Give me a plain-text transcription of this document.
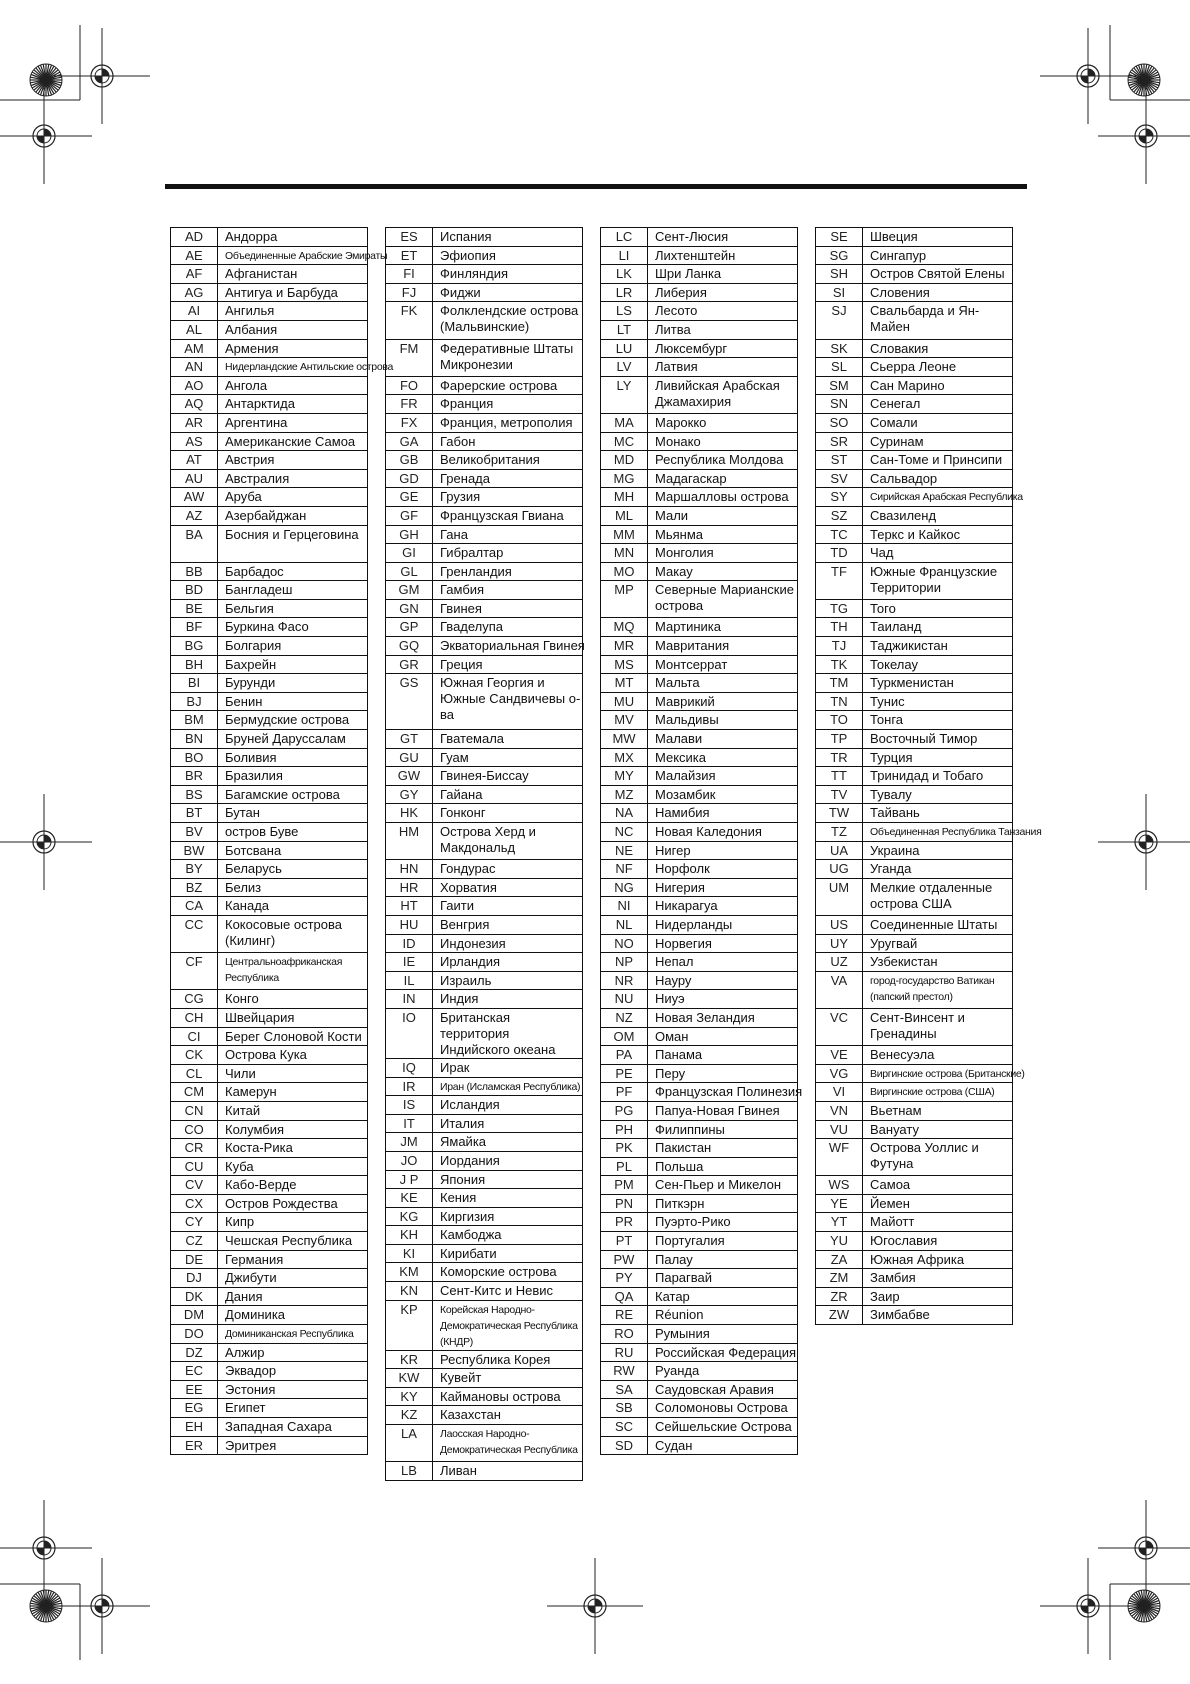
AD	Андорра
AE	Объединенные Арабские Эмираты
AF	Афганистан
AG	Антигуа и Барбуда
AI	Ангилья
AL	Албания
AM	Армения
AN	Нидерландские Антильские острова
AO	Ангола
AQ	Антарктида
AR	Аргентина
AS	Американские Самоа
AT	Австрия
AU	Австралия
AW	Аруба
AZ	Азербайджан
BA	Босния и Герцеговина
BB	Барбадос
BD	Бангладеш
BE	Бельгия
BF	Буркина Фасо
BG	Болгария
BH	Бахрейн
BI	Бурунди
BJ	Бенин
BM	Бермудские острова
BN	Бруней Даруссалам
BO	Боливия
BR	Бразилия
BS	Багамские острова
BT	Бутан
BV	остров Буве
BW	Ботсвана
BY	Беларусь
BZ	Белиз
CA	Канада
CC	Кокосовые острова (Килинг)
CF	Центральноафриканская Республика
CG	Конго
CH	Швейцария
CI	Берег Слоновой Кости
CK	Острова Кука
CL	Чили
CM	Камерун
CN	Китай
CO	Колумбия
CR	Коста-Рика
CU	Куба
CV	Кабо-Верде
CX	Остров Рождества
CY	Кипр
CZ	Чешская Республика
DE	Германия
DJ	Джибути
DK	Дания
DM	Доминика
DO	Доминиканская Республика
DZ	Алжир
EC	Эквадор
EE	Эстония
EG	Египет
EH	Западная Сахара
ER	Эритрея
ES	Испания
ET	Эфиопия
FI	Финляндия
FJ	Фиджи
FK	Фолклендские острова (Мальвинские)
FM	Федеративные Штаты Микронезии
FO	Фарерские острова
FR	Франция
FX	Франция, метрополия
GA	Габон
GB	Великобритания
GD	Гренада
GE	Грузия
GF	Французская Гвиана
GH	Гана
GI	Гибралтар
GL	Гренландия
GM	Гамбия
GN	Гвинея
GP	Гваделупа
GQ	Экваториальная Гвинея
GR	Греция
GS	Южная Георгия и Южные Сандвичевы о-ва
GT	Гватемала
GU	Гуам
GW	Гвинея-Биссау
GY	Гайана
HK	Гонконг
HM	Острова Херд и Макдональд
HN	Гондурас
HR	Хорватия
HT	Гаити
HU	Венгрия
ID	Индонезия
IE	Ирландия
IL	Израиль
IN	Индия
IO	Британская территория Индийского океана
IQ	Ирак
IR	Иран (Исламская Республика)
IS	Исландия
IT	Италия
JM	Ямайка
JO	Иордания
J P	Япония
KE	Кения
KG	Киргизия
KH	Камбоджа
KI	Кирибати
KM	Коморские острова
KN	Сент-Китс и Невис
KP	Корейская Народно-Демократическая Республика (КНДР)
KR	Республика Корея
KW	Кувейт
KY	Каймановы острова
KZ	Казахстан
LA	Лаосская Народно-Демократическая Республика
LB	Ливан
LC	Сент-Люсия
LI	Лихтенштейн
LK	Шри Ланка
LR	Либерия
LS	Лесото
LT	Литва
LU	Люксембург
LV	Латвия
LY	Ливийская Арабская Джамахирия
MA	Марокко
MC	Монако
MD	Республика Молдова
MG	Мадагаскар
MH	Маршалловы острова
ML	Мали
MM	Мьянма
MN	Монголия
MO	Макау
MP	Северные Марианские острова
MQ	Мартиника
MR	Мавритания
MS	Монтсеррат
MT	Мальта
MU	Маврикий
MV	Мальдивы
MW	Малави
MX	Мексика
MY	Малайзия
MZ	Мозамбик
NA	Намибия
NC	Новая Каледония
NE	Нигер
NF	Норфолк
NG	Нигерия
NI	Никарагуа
NL	Нидерланды
NO	Норвегия
NP	Непал
NR	Науру
NU	Ниуэ
NZ	Новая Зеландия
OM	Оман
PA	Панама
PE	Перу
PF	Французская Полинезия
PG	Папуа-Новая Гвинея
PH	Филиппины
PK	Пакистан
PL	Польша
PM	Сен-Пьер и Микелон
PN	Питкэрн
PR	Пуэрто-Рико
PT	Португалия
PW	Палау
PY	Парагвай
QA	Катар
RE	Réunion
RO	Румыния
RU	Российская Федерация
RW	Руанда
SA	Саудовская Аравия
SB	Соломоновы Острова
SC	Сейшельские Острова
SD	Судан
SE	Швеция
SG	Сингапур
SH	Остров Святой Елены
SI	Словения
SJ	Свальбарда и Ян-Майен
SK	Словакия
SL	Сьерра Леоне
SM	Сан Марино
SN	Сенегал
SO	Сомали
SR	Суринам
ST	Сан-Томе и Принсипи
SV	Сальвадор
SY	Сирийская Арабская Республика
SZ	Свазиленд
TC	Теркс и Кайкос
TD	Чад
TF	Южные Французские Территории
TG	Того
TH	Таиланд
TJ	Таджикистан
TK	Токелау
TM	Туркменистан
TN	Тунис
TO	Тонга
TP	Восточный Тимор
TR	Турция
TT	Тринидад и Тобаго
TV	Тувалу
TW	Тайвань
TZ	Объединенная Республика Танзания
UA	Украина
UG	Уганда
UM	Мелкие отдаленные острова США
US	Соединенные Штаты
UY	Уругвай
UZ	Узбекистан
VA	город-государство Ватикан (папский престол)
VC	Сент-Винсент и Гренадины
VE	Венесуэла
VG	Виргинские острова (Британские)
VI	Виргинские острова (США)
VN	Вьетнам
VU	Вануату
WF	Острова Уоллис и Футуна
WS	Самоа
YE	Йемен
YT	Майотт
YU	Югославия
ZA	Южная Африка
ZM	Замбия
ZR	Заир
ZW	Зимбабве
